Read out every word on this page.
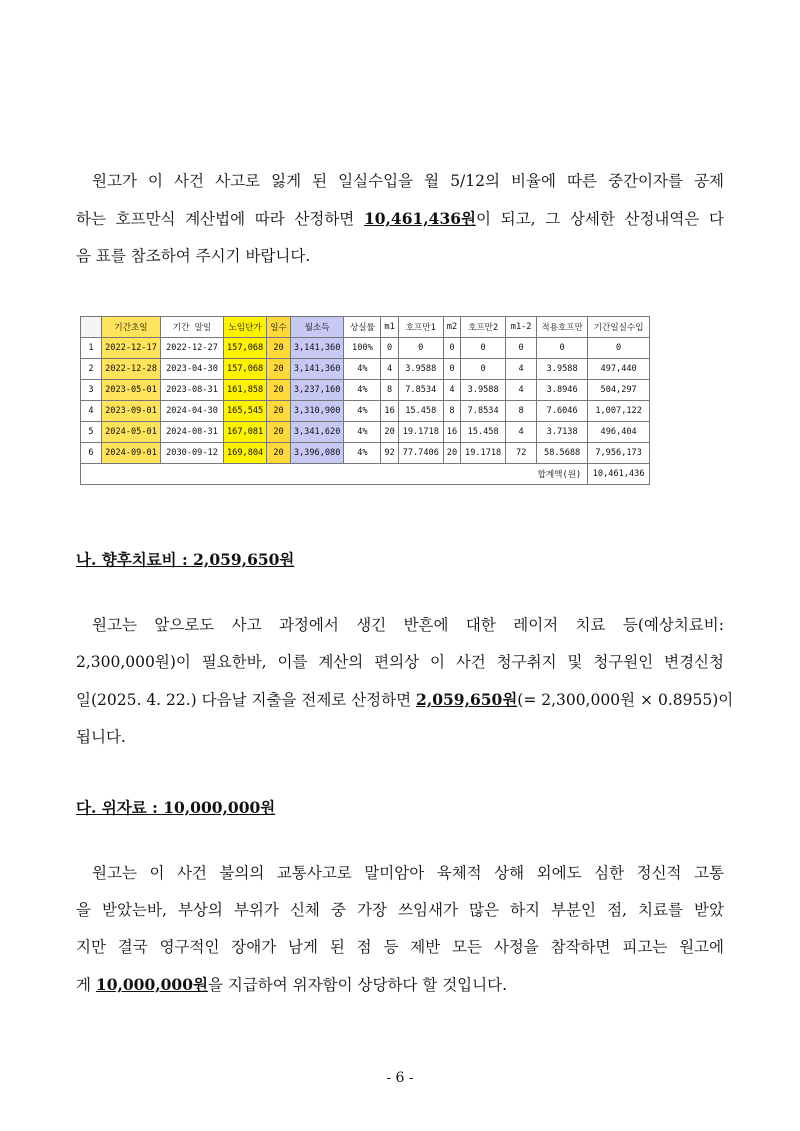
원고가 이 사건 사고로 잃게 된 일실수입을 월 5/12의 비율에 따른 중간이자를 공제
하는 호프만식 계산법에 따라 산정하면 10,461,436원이 되고, 그 상세한 산정내역은 다
음 표를 참조하여 주시기 바랍니다.
	기간초일	기간 말일	노임단가	일수	월소득	상실률	m1	호프만1	m2	호프만2	m1-2	적용호프만	기간일실수입
1	2022-12-17	2022-12-27	157,068	20	3,141,360	100%	0	0	0	0	0	0	0
2	2022-12-28	2023-04-30	157,068	20	3,141,360	4%	4	3.9588	0	0	4	3.9588	497,440
3	2023-05-01	2023-08-31	161,858	20	3,237,160	4%	8	7.8534	4	3.9588	4	3.8946	504,297
4	2023-09-01	2024-04-30	165,545	20	3,310,900	4%	16	15.458	8	7.8534	8	7.6046	1,007,122
5	2024-05-01	2024-08-31	167,081	20	3,341,620	4%	20	19.1718	16	15.458	4	3.7138	496,404
6	2024-09-01	2030-09-12	169,804	20	3,396,080	4%	92	77.7406	20	19.1718	72	58.5688	7,956,173
합계액(원)													10,461,436
나. 향후치료비 : 2,059,650원
원고는 앞으로도 사고 과정에서 생긴 반흔에 대한 레이저 치료 등(예상치료비:
2,300,000원)이 필요한바, 이를 계산의 편의상 이 사건 청구취지 및 청구원인 변경신청
일(2025. 4. 22.) 다음날 지출을 전제로 산정하면 2,059,650원(= 2,300,000원 × 0.8955)이
됩니다.
다. 위자료 : 10,000,000원
원고는 이 사건 불의의 교통사고로 말미암아 육체적 상해 외에도 심한 정신적 고통
을 받았는바, 부상의 부위가 신체 중 가장 쓰임새가 많은 하지 부분인 점, 치료를 받았
지만 결국 영구적인 장애가 남게 된 점 등 제반 모든 사정을 참작하면 피고는 원고에
게 10,000,000원을 지급하여 위자함이 상당하다 할 것입니다.
- 6 -
